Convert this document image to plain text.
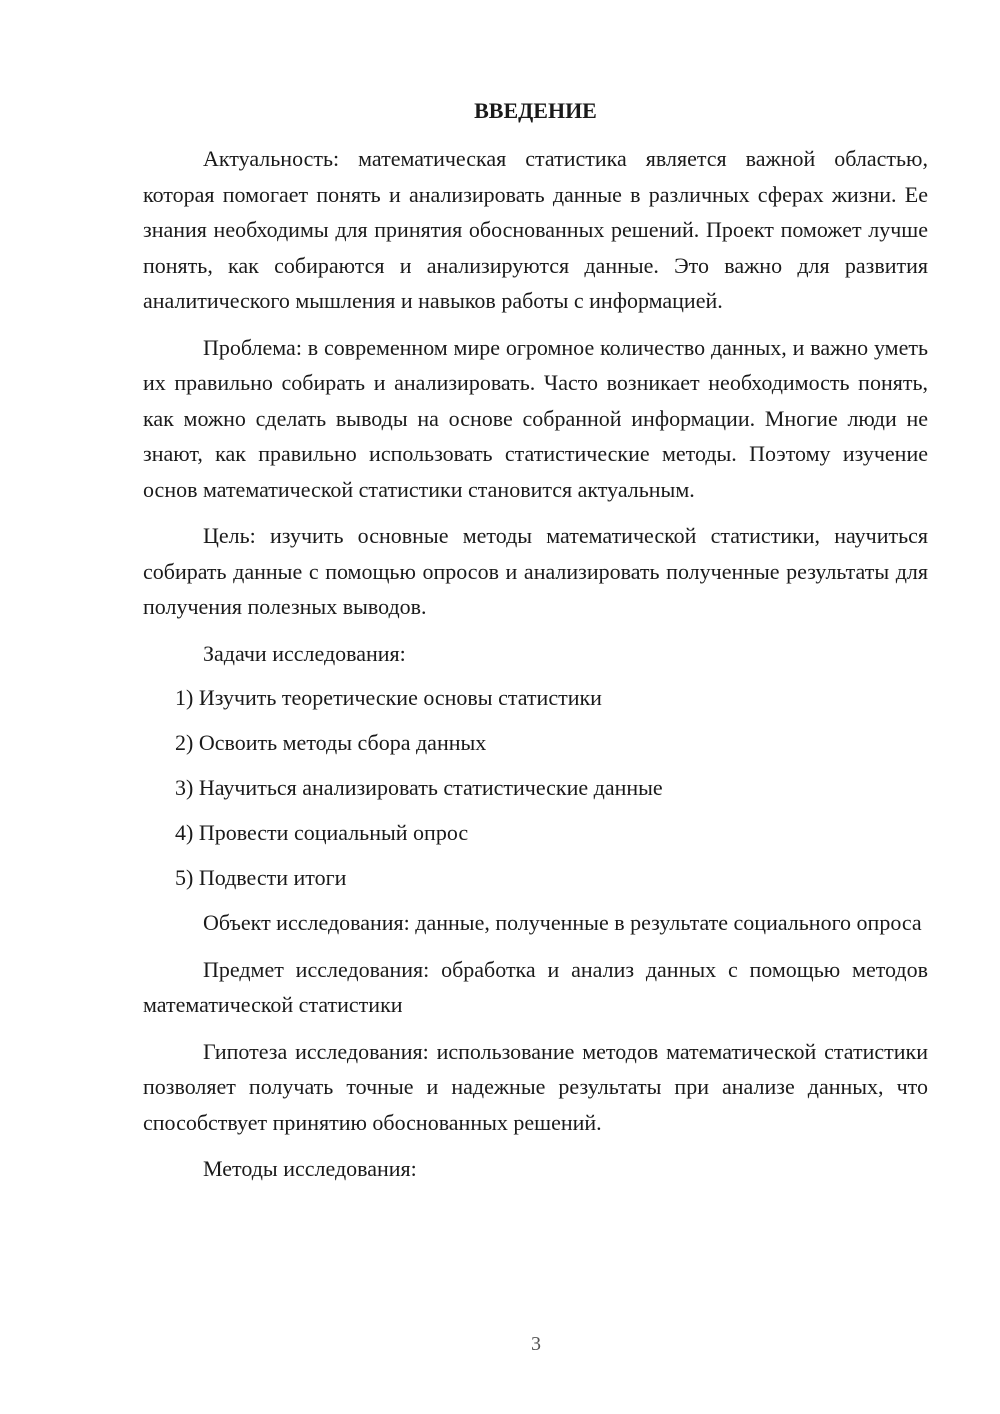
ВВЕДЕНИЕ

Актуальность: математическая статистика является важной областью, которая помогает понять и анализировать данные в различных сферах жизни. Ее знания необходимы для принятия обоснованных решений. Проект поможет лучше понять, как собираются и анализируются данные. Это важно для развития аналитического мышления и навыков работы с информацией.

Проблема: в современном мире огромное количество данных, и важно уметь их правильно собирать и анализировать. Часто возникает необходимость понять, как можно сделать выводы на основе собранной информации. Многие люди не знают, как правильно использовать статистические методы. Поэтому изучение основ математической статистики становится актуальным.

Цель: изучить основные методы математической статистики, научиться собирать данные с помощью опросов и анализировать полученные результаты для получения полезных выводов.

Задачи исследования:

1) Изучить теоретические основы статистики
2) Освоить методы сбора данных
3) Научиться анализировать статистические данные
4) Провести социальный опрос
5) Подвести итоги

Объект исследования: данные, полученные в результате социального опроса

Предмет исследования: обработка и анализ данных с помощью методов математической статистики

Гипотеза исследования: использование методов математической статистики позволяет получать точные и надежные результаты при анализе данных, что способствует принятию обоснованных решений.

Методы исследования:

3
